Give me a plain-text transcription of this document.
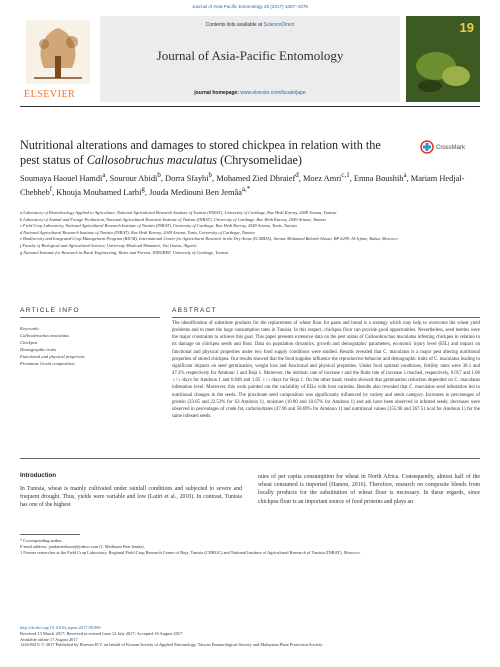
Journal of Asia-Pacific Entomology 20 (2017) 1067–1076
ELSEVIER
Contents lists available at ScienceDirect
Journal of Asia-Pacific Entomology
journal homepage: www.elsevier.com/locate/jape
19
Nutritional alterations and damages to stored chickpea in relation with the pest status of Callosobruchus maculatus (Chrysomelidae)
CrossMark
Soumaya Haouel Hamdi$^a$, Sourour Abidi$^b$, Dorra Sfayhi$^b$, Mohamed Zied Dhraief$^d$, Moez Amri$^{c,1}$, Emna Boushih$^a$, Mariam Hedjal-Chebheb$^f$, Khouja Mouhamed Larbi$^g$, Jouda Mediouni Ben Jemâa$^{a,*}$
a Laboratory of Biotechnology Applied to Agriculture, National Agricultural Research Institute of Tunisia (INRAT), University of Carthage, Rue Hedi Karray, 2049 Ariana, Tunisia
b Laboratory of Animal and Forage Production, National Agricultural Research Institute of Tunisia (INRAT), University of Carthage, Rue Hedi Karray, 2049 Ariana, Tunisia
c Field Crop Laboratory, National Agricultural Research Institute of Tunisia (INRAT), University of Carthage, Rue Hedi Karray, 2049 Ariana, Tunis, Tunisia
d National Agricultural Research Institute of Tunisia (INRAT), Rue Hedi Karray, 2049 Ariana, Tunis, University of Carthage, Tunisia
e Biodiversity and Integrated Crop Management Program (BICM), International Center for Agricultural Research in the Dry Areas (ICARDA), Avenue Mohamed Belarbi Alaoui, BP 6299, Al-Irfane, Rabat, Morocco
f Faculty of Biological and Agricultural Science, University Mouloud Mammeri, Tizi Ouzou, Algeria
g National Institute for Research in Rural Engineering, Water and Forests, INRGREF, University of Carthage, Tunisia
ARTICLE INFO	ABSTRACT
Keywords:
Callosobruchus maculatus
Chickpea
Demographic traits
Functional and physical properties
Proximate Grain composition
The identification of substitute products for the replacement of wheat flour for paste and bread is a strategy which may help to overcome the wheat yield problems and to meet the huge consumption rates in Tunisia. In this respect, chickpea flour can provide good opportunities. Nevertheless, seed beetles were the major constraints to achieve this goal. This paper presents extensive data on the pest status of Callosobruchus maculatus infesting chickpea in relation to its damage on chickpea seeds and flour. Data on population dynamics, growth and demographic parameters, economic injury level (EIL) and impact on functional and physical properties under two food supply conditions were studied. Results revealed that C. maculatus is a major pest altering nutritional properties of stored chickpea. Our results showed that the food supplies influence the reproductive behavior and demographic traits of C. maculatus leading to significant impacts on seed germination, weight loss and functional and physical properties. Under food optimal conditions, fertility rates were 38.1 and 47.2% respectively for Amdoun 1 and Beja 1. Moreover, the intrinsic rate of increase r and the finite rate of increase λ reached, respectively, 0.057 and 1.06 ♀/♀/days for Amdoun 1 and 0.048 and 1.05 ♀/♀/days for Beja 1. On the other hand, results showed that germination reduction depended on C. maculatus infestation level. Moreover, this work pointed out the variability of EILs with host varieties. Results also revealed that C. maculatus seed infestation led to nutritional changes in the seeds. The proximate seed composition was significantly influenced by variety and seeds category. Increases in percentages of protein (33.05 and 22.53% for S3 Amdoun 1), moisture (10.80 and 10.67% for Amdoun 1) and ash have been observed in infested seeds; decreases were observed in percentages of crude fat, carbohydrates (47.96 and 58.69% for Amdoun 1) and nutritional values (355.90 and 367.51 kcal for Amdoun 1) for the same infested seeds.
Introduction
In Tunisia, wheat is mainly cultivated under rainfall conditions and subjected to severe and frequent drought. Thus, yields were variable and low (Latiri et al., 2010). In contrast, Tunisia has one of the highest
rates of per capita consumption for wheat in North Africa. Consequently, almost half of the wheat consumed is imported (Hamon, 2016). Therefore, research on composite blends from locally products for the substitution of wheat flour is necessary. In these regards, since chickpea flour is an important source of food proteins and plays an
* Corresponding author.
E-mail address: joudamediouni@yahoo.com (J. Mediouni Ben Jemâa).
1 Former researcher at the Field Crop Laboratory, Regional Field Crop Research Center of Beja, Tunisia (CRRGC) and National Institute of Agricultural Research of Tunisia (INRAT), Morocco.
http://dx.doi.org/10.1016/j.aspen.2017.08.008
Received 13 March 2017; Received in revised form 12 July 2017; Accepted 16 August 2017
Available online 17 August 2017
1226-8615/ © 2017 Published by Elsevier B.V. on behalf of Korean Society of Applied Entomology, Taiwan Entomological Society and Malaysian Plant Protection Society.
